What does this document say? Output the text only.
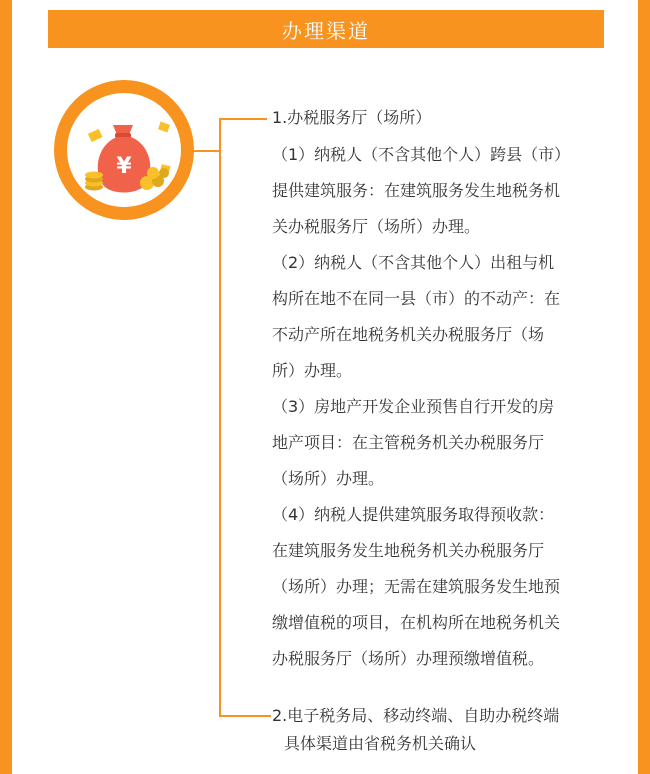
办理渠道
¥
1.办税服务厅（场所）

（1）纳税人（不含其他个人）跨县（市）
提供建筑服务：在建筑服务发生地税务机
关办税服务厅（场所）办理。

（2）纳税人（不含其他个人）出租与机
构所在地不在同一县（市）的不动产：在
不动产所在地税务机关办税服务厅（场
所）办理。

（3）房地产开发企业预售自行开发的房
地产项目：在主管税务机关办税服务厅
（场所）办理。

（4）纳税人提供建筑服务取得预收款：
在建筑服务发生地税务机关办税服务厅
（场所）办理；无需在建筑服务发生地预
缴增值税的项目，在机构所在地税务机关
办税服务厅（场所）办理预缴增值税。

2.电子税务局、移动终端、自助办税终端
具体渠道由省税务机关确认
